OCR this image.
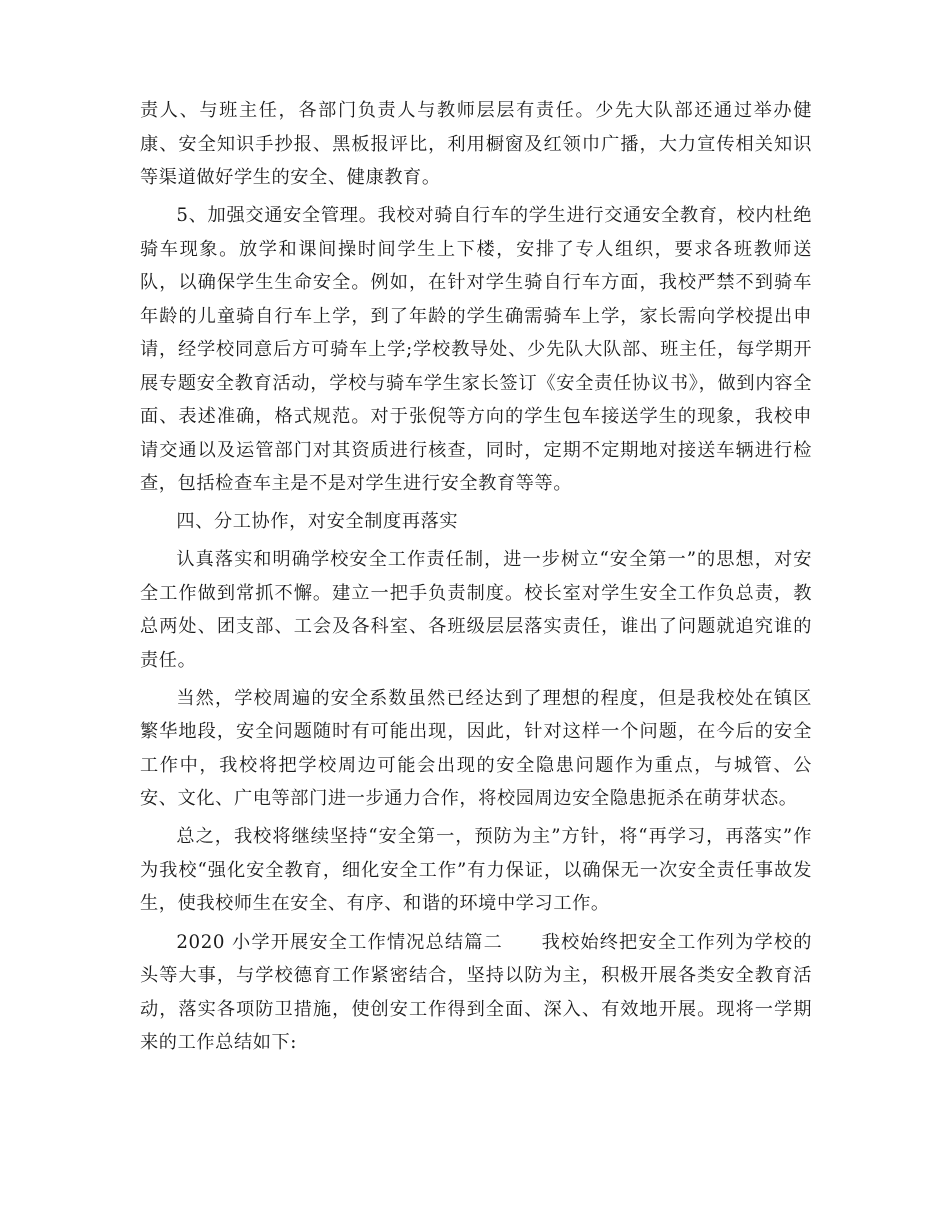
责人、与班主任，各部门负责人与教师层层有责任。少先大队部还通过举办健康、安全知识手抄报、黑板报评比，利用橱窗及红领巾广播，大力宣传相关知识等渠道做好学生的安全、健康教育。

5、加强交通安全管理。我校对骑自行车的学生进行交通安全教育，校内杜绝骑车现象。放学和课间操时间学生上下楼，安排了专人组织，要求各班教师送队，以确保学生生命安全。例如，在针对学生骑自行车方面，我校严禁不到骑车年龄的儿童骑自行车上学，到了年龄的学生确需骑车上学，家长需向学校提出申请，经学校同意后方可骑车上学;学校教导处、少先队大队部、班主任，每学期开展专题安全教育活动，学校与骑车学生家长签订《安全责任协议书》，做到内容全面、表述准确，格式规范。对于张倪等方向的学生包车接送学生的现象，我校申请交通以及运管部门对其资质进行核查，同时，定期不定期地对接送车辆进行检查，包括检查车主是不是对学生进行安全教育等等。

四、分工协作，对安全制度再落实

认真落实和明确学校安全工作责任制，进一步树立“安全第一”的思想，对安全工作做到常抓不懈。建立一把手负责制度。校长室对学生安全工作负总责，教总两处、团支部、工会及各科室、各班级层层落实责任，谁出了问题就追究谁的责任。

当然，学校周遍的安全系数虽然已经达到了理想的程度，但是我校处在镇区繁华地段，安全问题随时有可能出现，因此，针对这样一个问题，在今后的安全工作中，我校将把学校周边可能会出现的安全隐患问题作为重点，与城管、公安、文化、广电等部门进一步通力合作，将校园周边安全隐患扼杀在萌芽状态。

总之，我校将继续坚持“安全第一，预防为主”方针，将“再学习，再落实”作为我校“强化安全教育，细化安全工作”有力保证，以确保无一次安全责任事故发生，使我校师生在安全、有序、和谐的环境中学习工作。

2020 小学开展安全工作情况总结篇二　　我校始终把安全工作列为学校的头等大事，与学校德育工作紧密结合，坚持以防为主，积极开展各类安全教育活动，落实各项防卫措施，使创安工作得到全面、深入、有效地开展。现将一学期来的工作总结如下:
